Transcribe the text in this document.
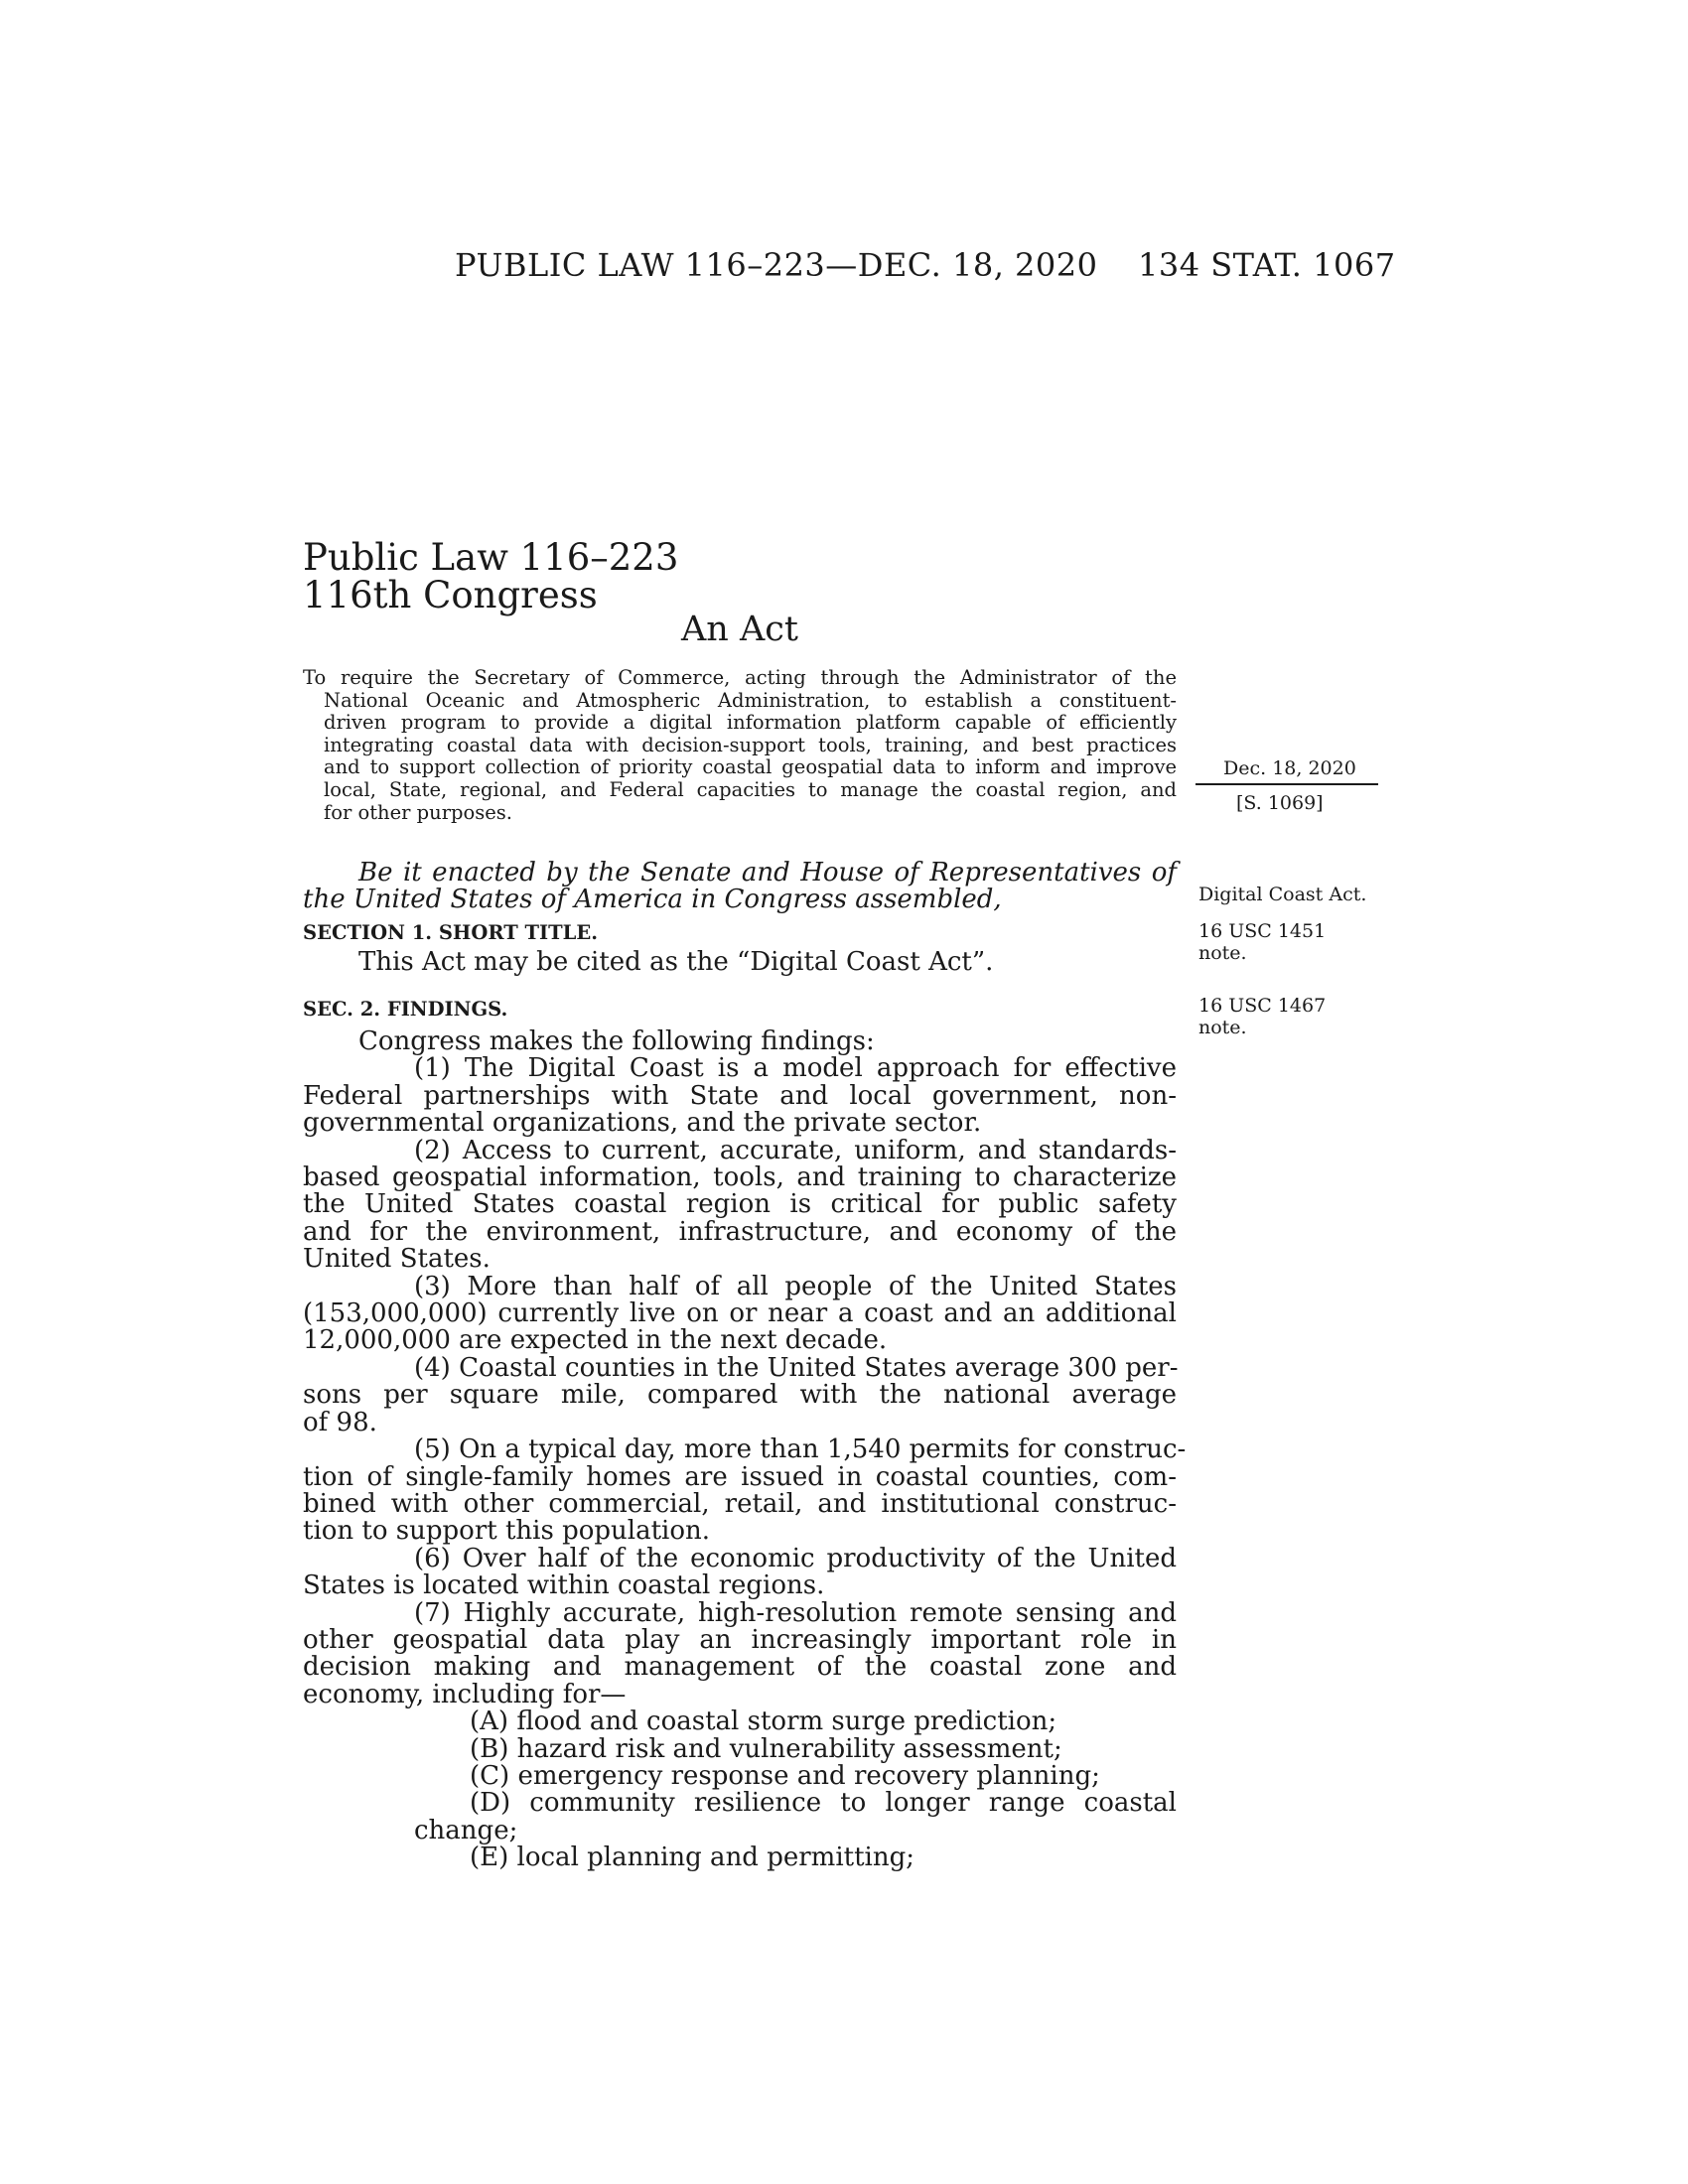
PUBLIC LAW 116–223—DEC. 18, 2020 134 STAT. 1067
Public Law 116–223
116th Congress
An Act
To require the Secretary of Commerce, acting through the Administrator of the
National Oceanic and Atmospheric Administration, to establish a constituent-
driven program to provide a digital information platform capable of efficiently
integrating coastal data with decision-support tools, training, and best practices
and to support collection of priority coastal geospatial data to inform and improve
local, State, regional, and Federal capacities to manage the coastal region, and
for other purposes.
Dec. 18, 2020
[S. 1069]
Digital Coast Act.
16 USC 1451
note.
16 USC 1467
note.
Be it enacted by the Senate and House of Representatives of
the United States of America in Congress assembled,
SECTION 1. SHORT TITLE.
This Act may be cited as the “Digital Coast Act”.
SEC. 2. FINDINGS.
Congress makes the following findings:
(1) The Digital Coast is a model approach for effective
Federal partnerships with State and local government, non-
governmental organizations, and the private sector.
(2) Access to current, accurate, uniform, and standards-
based geospatial information, tools, and training to characterize
the United States coastal region is critical for public safety
and for the environment, infrastructure, and economy of the
United States.
(3) More than half of all people of the United States
(153,000,000) currently live on or near a coast and an additional
12,000,000 are expected in the next decade.
(4) Coastal counties in the United States average 300 per-
sons per square mile, compared with the national average
of 98.
(5) On a typical day, more than 1,540 permits for construc-
tion of single-family homes are issued in coastal counties, com-
bined with other commercial, retail, and institutional construc-
tion to support this population.
(6) Over half of the economic productivity of the United
States is located within coastal regions.
(7) Highly accurate, high-resolution remote sensing and
other geospatial data play an increasingly important role in
decision making and management of the coastal zone and
economy, including for—
(A) flood and coastal storm surge prediction;
(B) hazard risk and vulnerability assessment;
(C) emergency response and recovery planning;
(D) community resilience to longer range coastal
change;
(E) local planning and permitting;
